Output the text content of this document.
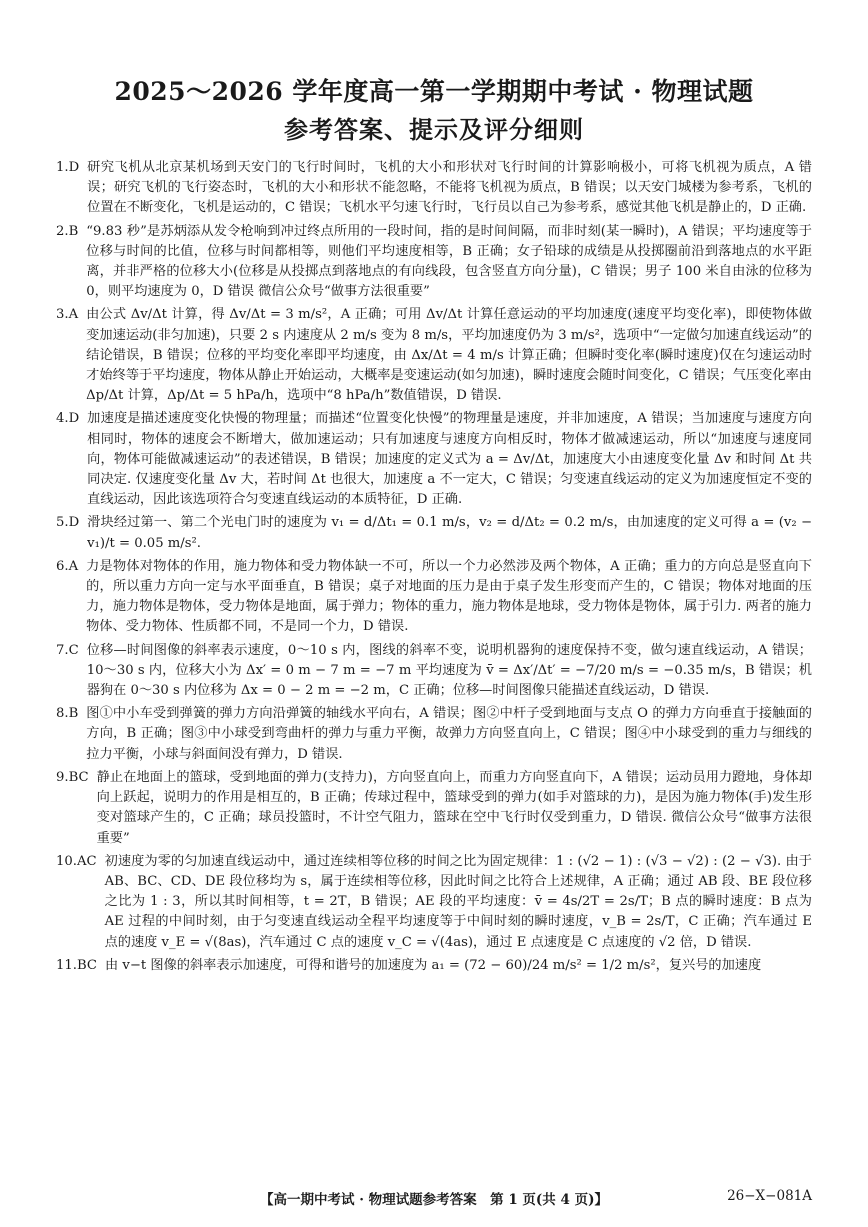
2025～2026 学年度高一第一学期期中考试 · 物理试题
参考答案、提示及评分细则
1. D 研究飞机从北京某机场到天安门的飞行时间时，飞机的大小和形状对飞行时间的计算影响极小，可将飞机视为质点，A 错误；研究飞机的飞行姿态时，飞机的大小和形状不能忽略，不能将飞机视为质点，B 错误；以天安门城楼为参考系，飞机的位置在不断变化，飞机是运动的，C 错误；飞机水平匀速飞行时，飞行员以自己为参考系，感觉其他飞机是静止的，D 正确.
2. B “9.83 秒”是苏炳添从发令枪响到冲过终点所用的一段时间，指的是时间间隔，而非时刻(某一瞬时)，A 错误；平均速度等于位移与时间的比值，位移与时间都相等，则他们平均速度相等，B 正确；女子铅球的成绩是从投掷圈前沿到落地点的水平距离，并非严格的位移大小(位移是从投掷点到落地点的有向线段，包含竖直方向分量)，C 错误；男子 100 米自由泳的位移为 0，则平均速度为 0，D 错误 微信公众号“做事方法很重要”
3. A 由公式 Δv/Δt 计算，得 Δv/Δt = 3 m/s²，A 正确；可用 Δv/Δt 计算任意运动的平均加速度(速度平均变化率)，即使物体做变加速运动(非匀加速)，只要 2 s 内速度从 2 m/s 变为 8 m/s，平均加速度仍为 3 m/s²，选项中“一定做匀加速直线运动”的结论错误，B 错误；位移的平均变化率即平均速度，由 Δx/Δt = 4 m/s 计算正确；但瞬时变化率(瞬时速度)仅在匀速运动时才始终等于平均速度，物体从静止开始运动，大概率是变速运动(如匀加速)，瞬时速度会随时间变化，C 错误；气压变化率由 Δp/Δt 计算，Δp/Δt = 5 hPa/h，选项中“8 hPa/h”数值错误，D 错误.
4. D 加速度是描述速度变化快慢的物理量；而描述“位置变化快慢”的物理量是速度，并非加速度，A 错误；当加速度与速度方向相同时，物体的速度会不断增大，做加速运动；只有加速度与速度方向相反时，物体才做减速运动，所以“加速度与速度同向，物体可能做减速运动”的表述错误，B 错误；加速度的定义式为 a = Δv/Δt，加速度大小由速度变化量 Δv 和时间 Δt 共同决定. 仅速度变化量 Δv 大，若时间 Δt 也很大，加速度 a 不一定大，C 错误；匀变速直线运动的定义为加速度恒定不变的直线运动，因此该选项符合匀变速直线运动的本质特征，D 正确.
5. D 滑块经过第一、第二个光电门时的速度为 v₁ = d/Δt₁ = 0.1 m/s，v₂ = d/Δt₂ = 0.2 m/s，由加速度的定义可得 a = (v₂ − v₁)/t = 0.05 m/s².
6. A 力是物体对物体的作用，施力物体和受力物体缺一不可，所以一个力必然涉及两个物体，A 正确；重力的方向总是竖直向下的，所以重力方向一定与水平面垂直，B 错误；桌子对地面的压力是由于桌子发生形变而产生的，C 错误；物体对地面的压力，施力物体是物体，受力物体是地面，属于弹力；物体的重力，施力物体是地球，受力物体是物体，属于引力. 两者的施力物体、受力物体、性质都不同，不是同一个力，D 错误.
7. C 位移—时间图像的斜率表示速度，0～10 s 内，图线的斜率不变，说明机器狗的速度保持不变，做匀速直线运动，A 错误；10～30 s 内，位移大小为 Δx′ = 0 m − 7 m = −7 m 平均速度为 v̄ = Δx′/Δt′ = −7/20 m/s = −0.35 m/s，B 错误；机器狗在 0～30 s 内位移为 Δx = 0 − 2 m = −2 m，C 正确；位移—时间图像只能描述直线运动，D 错误.
8. B 图①中小车受到弹簧的弹力方向沿弹簧的轴线水平向右，A 错误；图②中杆子受到地面与支点 O 的弹力方向垂直于接触面的方向，B 正确；图③中小球受到弯曲杆的弹力与重力平衡，故弹力方向竖直向上，C 错误；图④中小球受到的重力与细线的拉力平衡，小球与斜面间没有弹力，D 错误.
9. BC 静止在地面上的篮球，受到地面的弹力(支持力)，方向竖直向上，而重力方向竖直向下，A 错误；运动员用力蹬地，身体却向上跃起，说明力的作用是相互的，B 正确；传球过程中，篮球受到的弹力(如手对篮球的力)，是因为施力物体(手)发生形变对篮球产生的，C 正确；球员投篮时，不计空气阻力，篮球在空中飞行时仅受到重力，D 错误. 微信公众号“做事方法很重要”
10. AC 初速度为零的匀加速直线运动中，通过连续相等位移的时间之比为固定规律：1 : (√2 − 1) : (√3 − √2) : (2 − √3). 由于 AB、BC、CD、DE 段位移均为 s，属于连续相等位移，因此时间之比符合上述规律，A 正确；通过 AB 段、BE 段位移之比为 1 : 3，所以其时间相等，t = 2T，B 错误；AE 段的平均速度：v̄ = 4s/2T = 2s/T；B 点的瞬时速度：B 点为 AE 过程的中间时刻，由于匀变速直线运动全程平均速度等于中间时刻的瞬时速度，v_B = 2s/T，C 正确；汽车通过 E 点的速度 v_E = √(8as)，汽车通过 C 点的速度 v_C = √(4as)，通过 E 点速度是 C 点速度的 √2 倍，D 错误.
11. BC 由 v−t 图像的斜率表示加速度，可得和谐号的加速度为 a₁ = (72 − 60)/24 m/s² = 1/2 m/s²，复兴号的加速度
【高一期中考试 · 物理试题参考答案　第 1 页(共 4 页)】	26−X−081A
